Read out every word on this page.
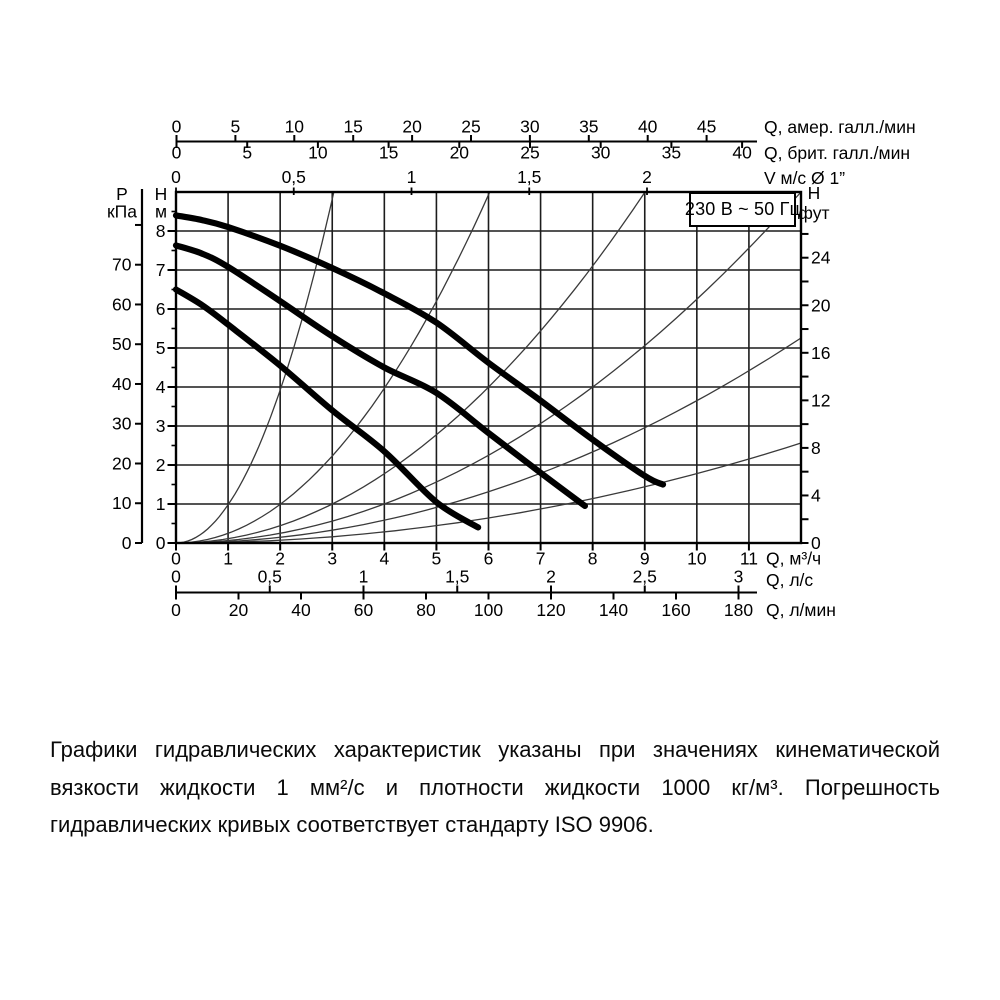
0	5	10 15 20 25 30 35 40 45	Q, амер. галл./мин
0	5	10	15	20	25	30	35	40 Q, брит. галл./мин
0	0,5	1	1,5	2	V м/с Ø 1”
0
10
20
30
40
50
60
70
P
кПа
0
1
2
3
4
5
6
7
8
H
м
0
4
8
12
16
20
24
H
фут
0 1 2 3 4 5 6 7 8 9 10 11 Q, м³/ч
0	0,5	1	1,5	2	2,5	3 Q, л/с
0	20 40 60 80 100 120 140 160 180 Q, л/мин
230 В ~ 50 Гц

Графики гидравлических характеристик указаны при значениях кинематической вязкости жидкости 1 мм²/с и плотности жидкости 1000 кг/м³. Погрешность гидравлических кривых соответствует стандарту ISO 9906.
